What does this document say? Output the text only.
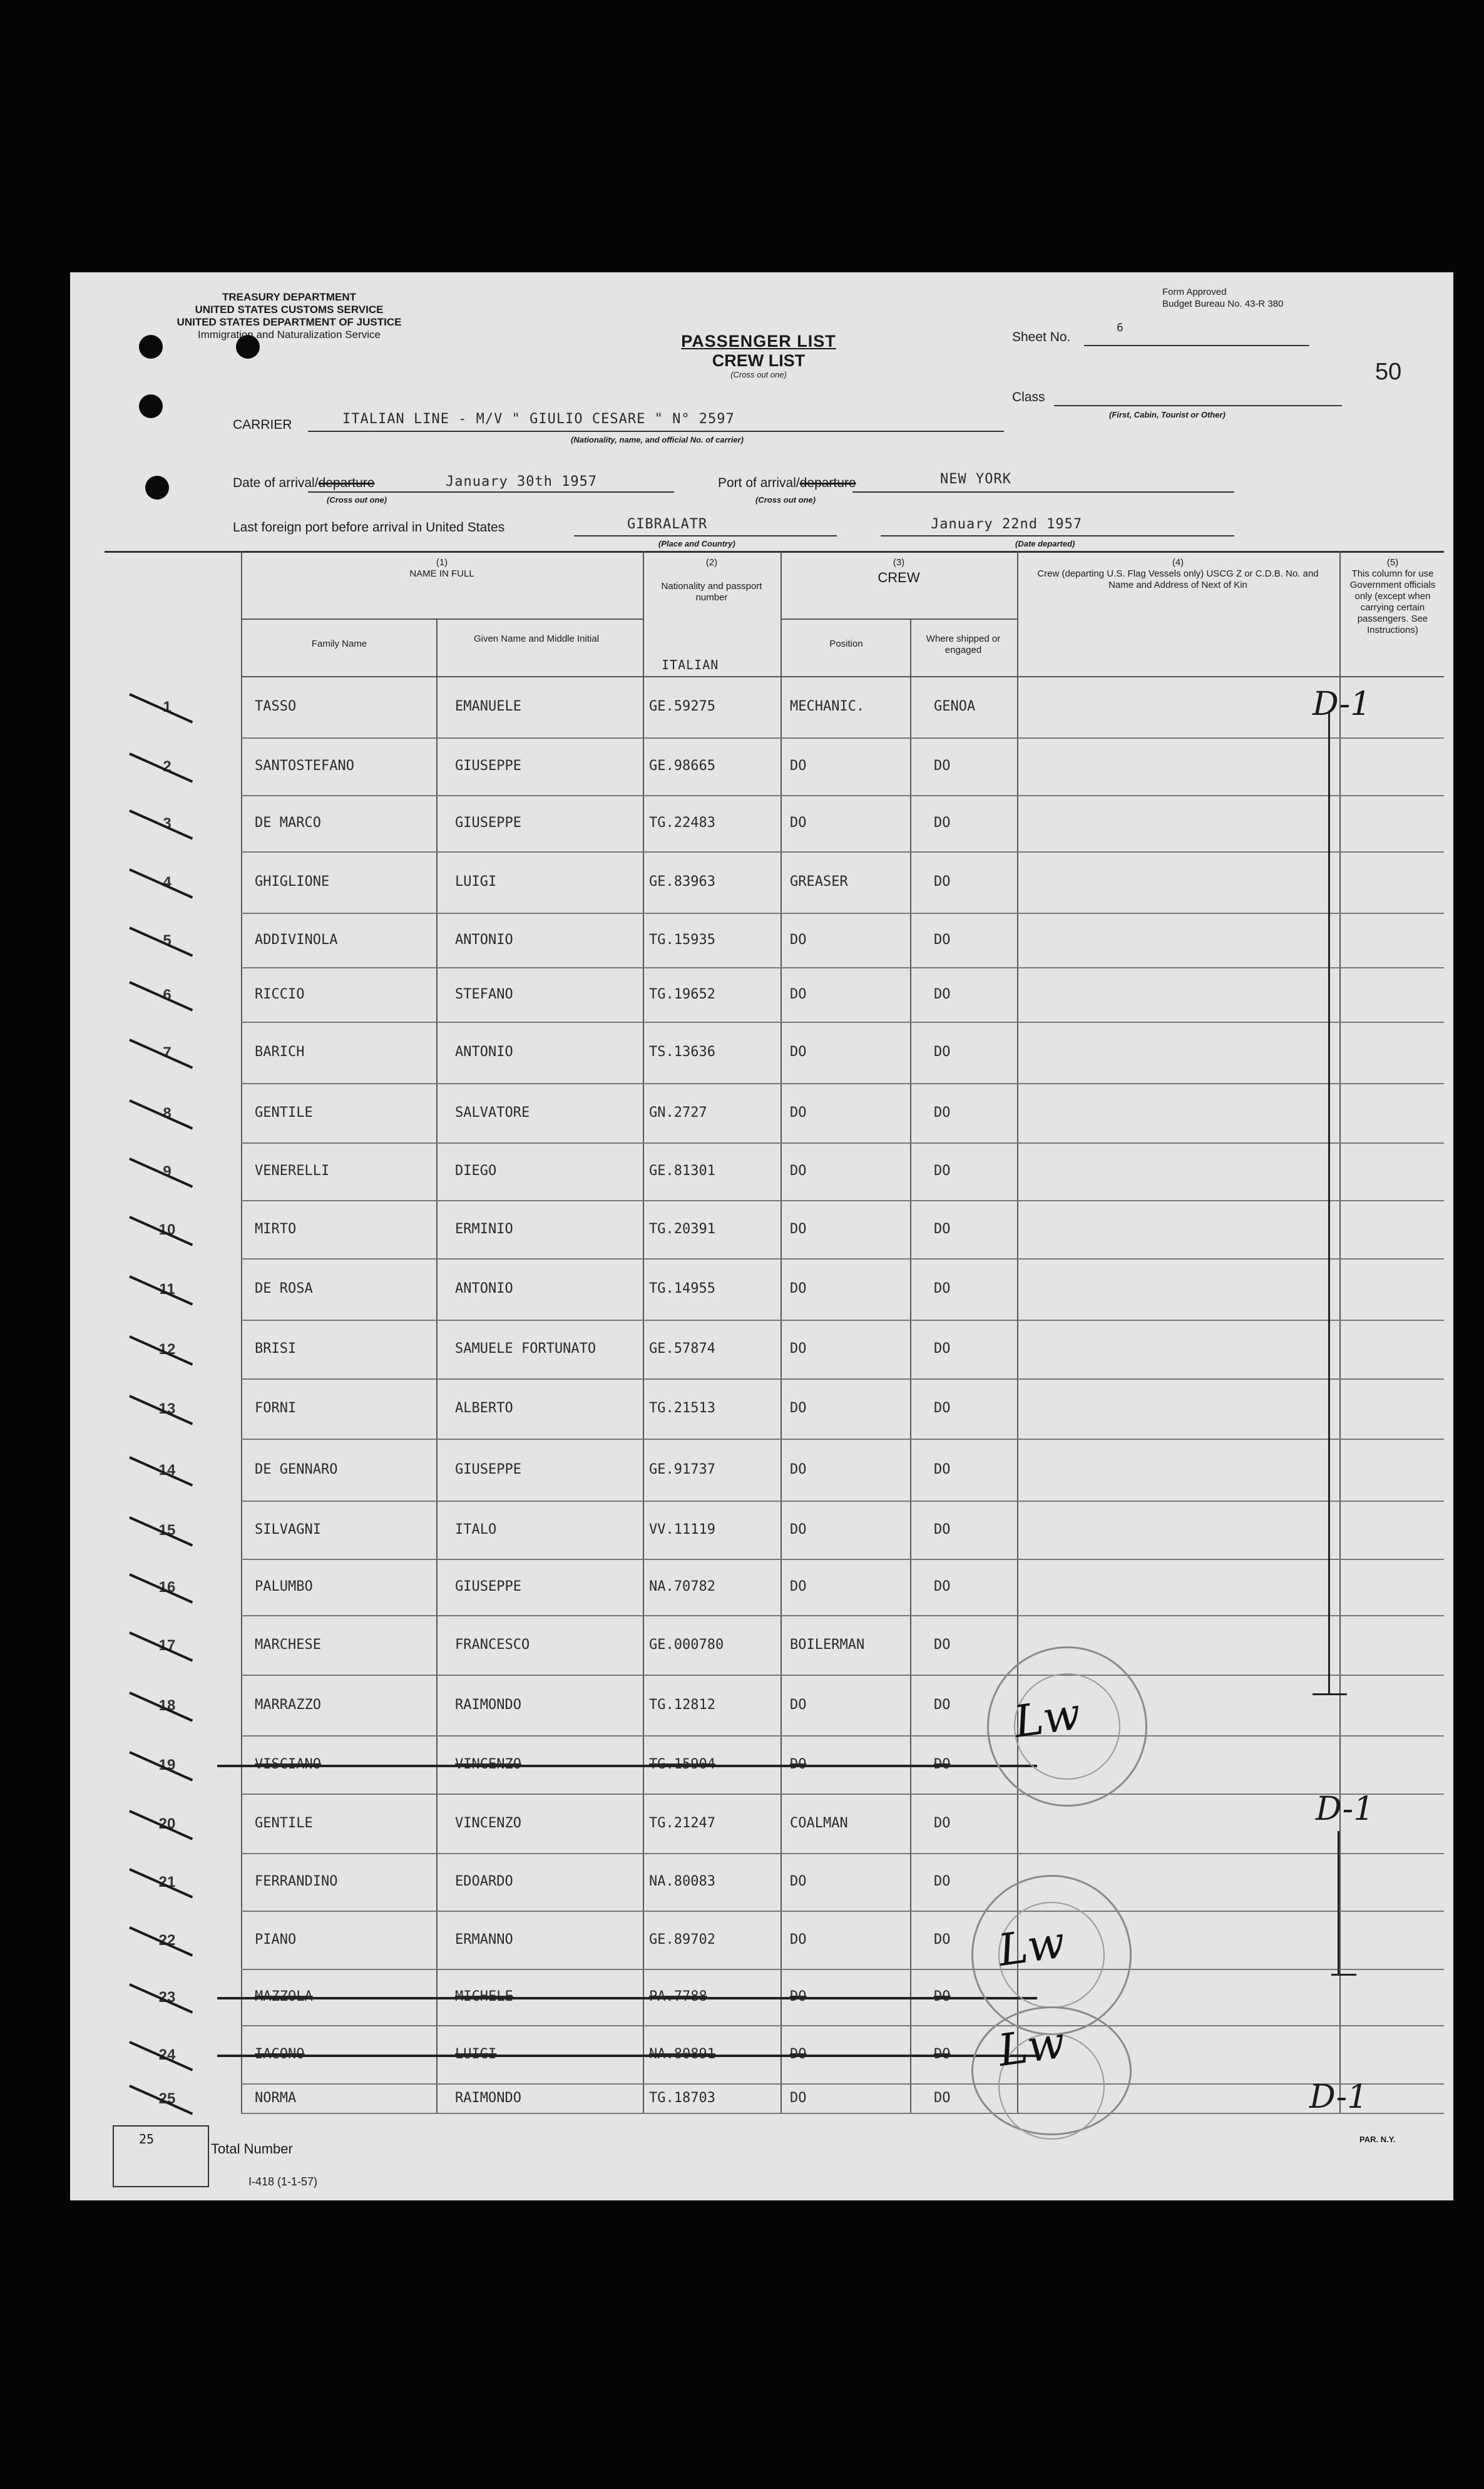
TREASURY DEPARTMENT
UNITED STATES CUSTOMS SERVICE
UNITED STATES DEPARTMENT OF JUSTICE
Immigration and Naturalization Service
Form Approved
Budget Bureau No. 43-R 380
PASSENGER LIST
CREW LIST
(Cross out one)	50
Sheet No.
6
Class
(First, Cabin, Tourist or Other)
CARRIER	ITALIAN LINE - M/V " GIULIO CESARE " N° 2597
(Nationality, name, and official No. of carrier)
Date of arrival/departure	January 30th 1957
(Cross out one)
Port of arrival/departure	NEW YORK
(Cross out one)
Last foreign port before arrival in United States	GIBRALATR
(Place and Country)
January 22nd 1957
(Date departed)
(1)
NAME IN FULL
Family Name	Given Name and Middle Initial
(2)
Nationality and passport number
ITALIAN
(3)
CREW
Position	Where shipped or engaged
(4)
Crew (departing U.S. Flag Vessels only) USCG Z or C.D.B. No. and Name and Address of Next of Kin
(5)
This column for use Government officials only (except when carrying certain passengers. See Instructions)
1	TASSO	EMANUELE	GE.59275	MECHANIC.	GENOA
2	SANTOSTEFANO	GIUSEPPE	GE.98665	DO	DO
3	DE MARCO	GIUSEPPE	TG.22483	DO	DO
4	GHIGLIONE	LUIGI	GE.83963	GREASER	DO
5	ADDIVINOLA	ANTONIO	TG.15935	DO	DO
6	RICCIO	STEFANO	TG.19652	DO	DO
7	BARICH	ANTONIO	TS.13636	DO	DO
8	GENTILE	SALVATORE	GN.2727	DO	DO
9	VENERELLI	DIEGO	GE.81301	DO	DO
10	MIRTO	ERMINIO	TG.20391	DO	DO
11	DE ROSA	ANTONIO	TG.14955	DO	DO
12	BRISI	SAMUELE FORTUNATO	GE.57874	DO	DO
13	FORNI	ALBERTO	TG.21513	DO	DO
14	DE GENNARO	GIUSEPPE	GE.91737	DO	DO
15	SILVAGNI	ITALO	VV.11119	DO	DO
16	PALUMBO	GIUSEPPE	NA.70782	DO	DO
17	MARCHESE	FRANCESCO	GE.000780	BOILERMAN	DO
18	MARRAZZO	RAIMONDO	TG.12812	DO	DO
19	VISCIANO	VINCENZO	TG.15904	DO	DO
20	GENTILE	VINCENZO	TG.21247	COALMAN	DO
21	FERRANDINO	EDOARDO	NA.80083	DO	DO
22	PIANO	ERMANNO	GE.89702	DO	DO
23	MAZZOLA	MICHELE	PA.7788	DO	DO
24	IACONO	LUIGI	NA.80891	DO	DO
25	NORMA	RAIMONDO	TG.18703	DO	DO
D-1
D-1
D-1
Lw
Lw
Lw
25
Total Number
I-418 (1-1-57)
PAR. N.Y.
